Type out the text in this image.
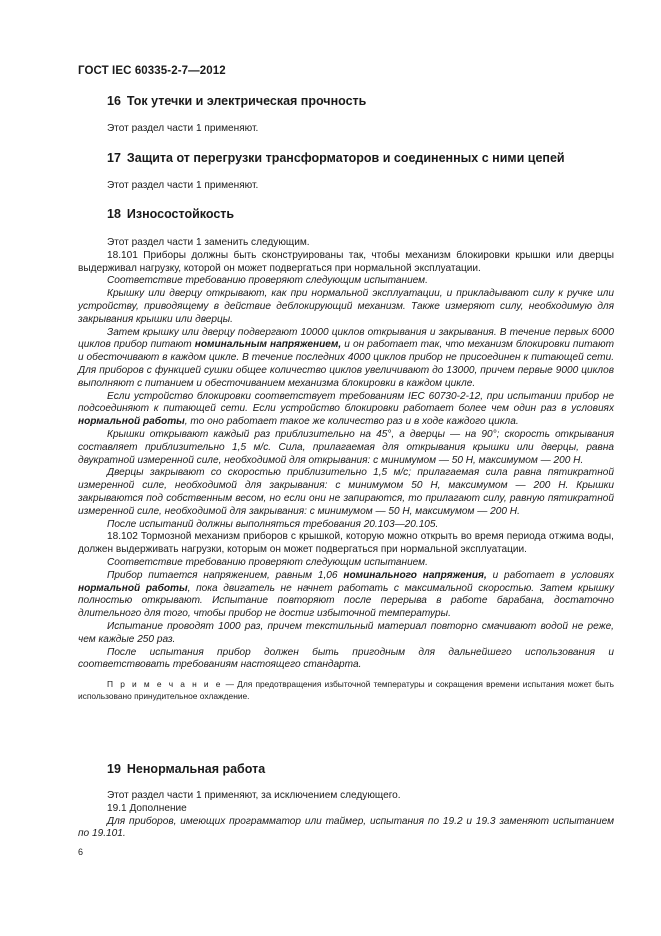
ГОСТ IEC 60335-2-7—2012
16 Ток утечки и электрическая прочность

Этот раздел части 1 применяют.

17 Защита от перегрузки трансформаторов и соединенных с ними цепей

Этот раздел части 1 применяют.

18 Износостойкость

Этот раздел части 1 заменить следующим.

18.101 Приборы должны быть сконструированы так, чтобы механизм блокировки крышки или дверцы выдерживал нагрузку, которой он может подвергаться при нормальной эксплуатации.

Соответствие требованию проверяют следующим испытанием.

Крышку или дверцу открывают, как при нормальной эксплуатации, и прикладывают силу к ручке или устройству, приводящему в действие деблокирующий механизм. Также измеряют силу, необходимую для закрывания крышки или дверцы.

Затем крышку или дверцу подвергают 10000 циклов открывания и закрывания. В течение первых 6000 циклов прибор питают номинальным напряжением, и он работает так, что механизм блокировки питают и обесточивают в каждом цикле. В течение последних 4000 циклов прибор не присоединен к питающей сети. Для приборов с функцией сушки общее количество циклов увеличивают до 13000, причем первые 9000 циклов выполняют с питанием и обесточиванием механизма блокировки в каждом цикле.

Если устройство блокировки соответствует требованиям IEC 60730-2-12, при испытании прибор не подсоединяют к питающей сети. Если устройство блокировки работает более чем один раз в условиях нормальной работы, то оно работает такое же количество раз и в ходе каждого цикла.

Крышки открывают каждый раз приблизительно на 45°, а дверцы — на 90°; скорость открывания составляет приблизительно 1,5 м/с. Сила, прилагаемая для открывания крышки или дверцы, равна двукратной измеренной силе, необходимой для открывания: с минимумом — 50 Н, максимумом — 200 Н.

Дверцы закрывают со скоростью приблизительно 1,5 м/с; прилагаемая сила равна пятикратной измеренной силе, необходимой для закрывания: с минимумом 50 Н, максимумом — 200 Н. Крышки закрываются под собственным весом, но если они не запираются, то прилагают силу, равную пятикратной измеренной силе, необходимой для закрывания: с минимумом — 50 Н, максимумом — 200 Н.

После испытаний должны выполняться требования 20.103—20.105.

18.102 Тормозной механизм приборов с крышкой, которую можно открыть во время периода отжима воды, должен выдерживать нагрузки, которым он может подвергаться при нормальной эксплуатации.

Соответствие требованию проверяют следующим испытанием.

Прибор питается напряжением, равным 1,06 номинального напряжения, и работает в условиях нормальной работы, пока двигатель не начнет работать с максимальной скоростью. Затем крышку полностью открывают. Испытание повторяют после перерыва в работе барабана, достаточно длительного для того, чтобы прибор не достиг избыточной температуры.

Испытание проводят 1000 раз, причем текстильный материал повторно смачивают водой не реже, чем каждые 250 раз.

После испытания прибор должен быть пригодным для дальнейшего использования и соответствовать требованиям настоящего стандарта.

П р и м е ч а н и е — Для предотвращения избыточной температуры и сокращения времени испытания может быть использовано принудительное охлаждение.

19 Ненормальная работа

Этот раздел части 1 применяют, за исключением следующего.

19.1 Дополнение

Для приборов, имеющих программатор или таймер, испытания по 19.2 и 19.3 заменяют испытанием по 19.101.

6
